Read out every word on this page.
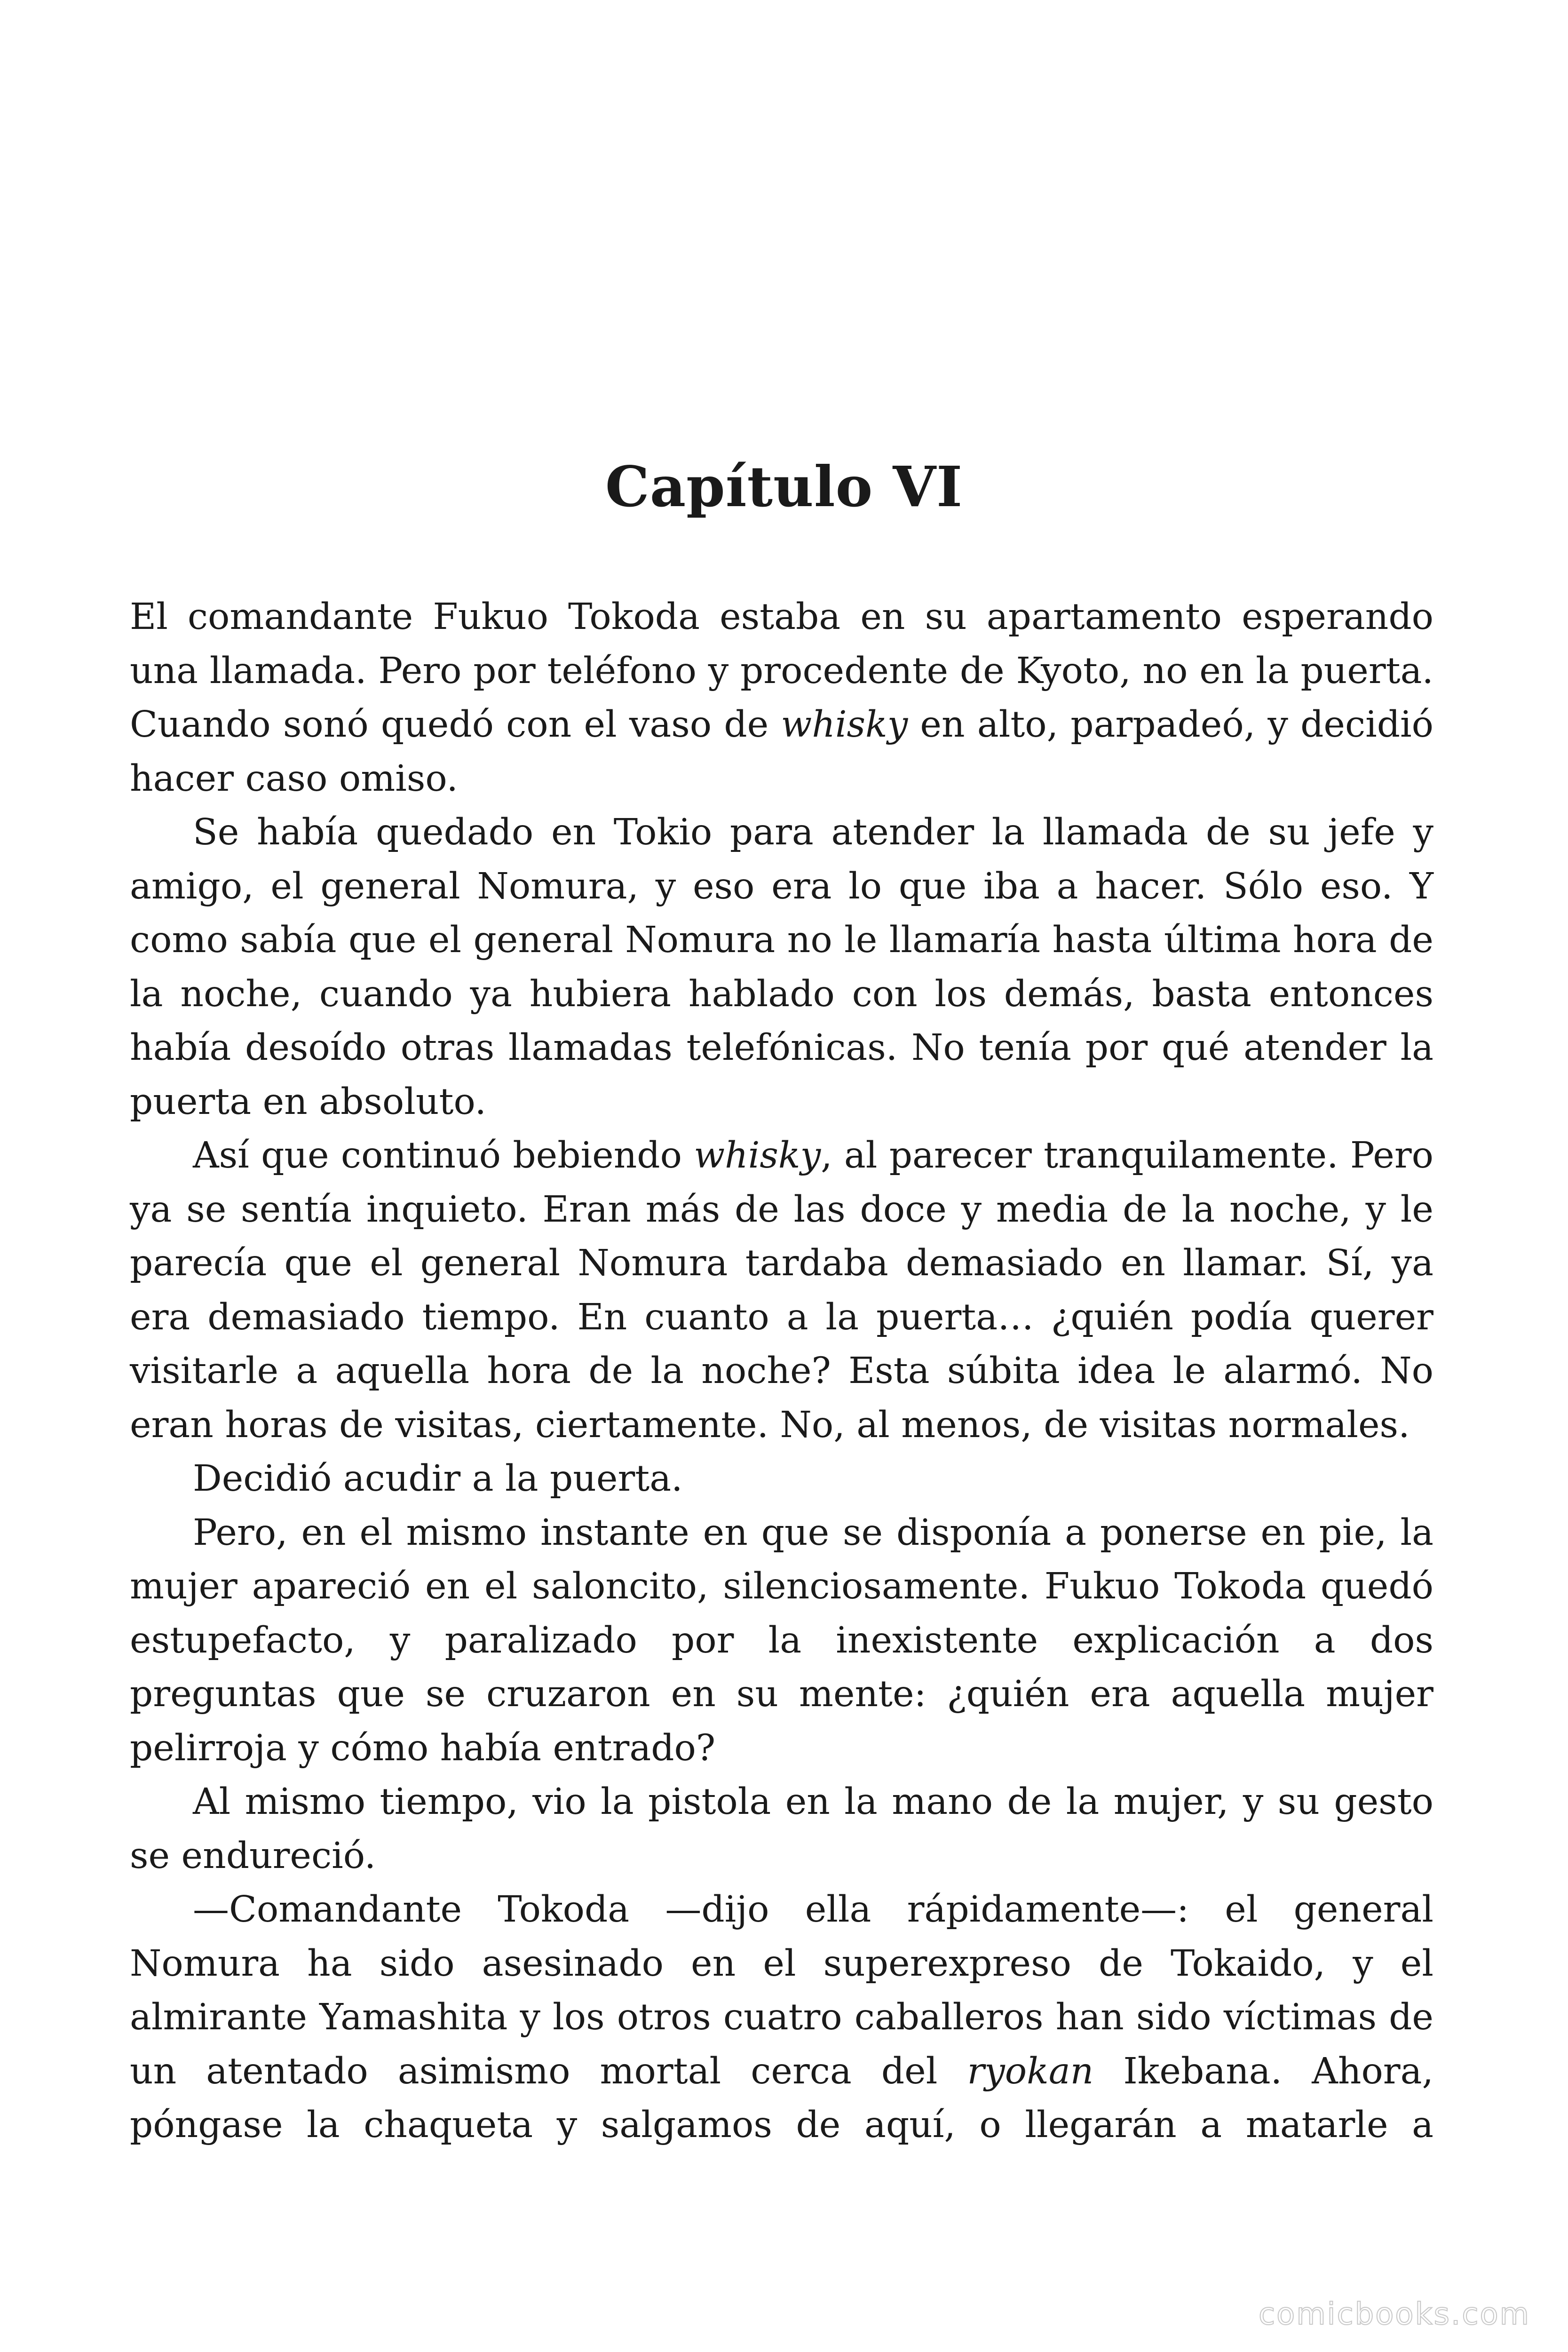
Capítulo VI

El comandante Fukuo Tokoda estaba en su apartamento esperando una llamada. Pero por teléfono y procedente de Kyoto, no en la puerta. Cuando sonó quedó con el vaso de whisky en alto, parpadeó, y decidió hacer caso omiso.

Se había quedado en Tokio para atender la llamada de su jefe y amigo, el general Nomura, y eso era lo que iba a hacer. Sólo eso. Y como sabía que el general Nomura no le llamaría hasta última hora de la noche, cuando ya hubiera hablado con los demás, basta entonces había desoído otras llamadas telefónicas. No tenía por qué atender la puerta en absoluto.

Así que continuó bebiendo whisky, al parecer tranquilamente. Pero ya se sentía inquieto. Eran más de las doce y media de la noche, y le parecía que el general Nomura tardaba demasiado en llamar. Sí, ya era demasiado tiempo. En cuanto a la puerta… ¿quién podía querer visitarle a aquella hora de la noche? Esta súbita idea le alarmó. No eran horas de visitas, ciertamente. No, al menos, de visitas normales.

Decidió acudir a la puerta.

Pero, en el mismo instante en que se disponía a ponerse en pie, la mujer apareció en el saloncito, silenciosamente. Fukuo Tokoda quedó estupefacto, y paralizado por la inexistente explicación a dos preguntas que se cruzaron en su mente: ¿quién era aquella mujer pelirroja y cómo había entrado?

Al mismo tiempo, vio la pistola en la mano de la mujer, y su gesto se endureció.

—Comandante Tokoda —dijo ella rápidamente—: el general Nomura ha sido asesinado en el superexpreso de Tokaido, y el almirante Yamashita y los otros cuatro caballeros han sido víctimas de un atentado asimismo mortal cerca del ryokan Ikebana. Ahora, póngase la chaqueta y salgamos de aquí, o llegarán a matarle a

comicbooks.com
